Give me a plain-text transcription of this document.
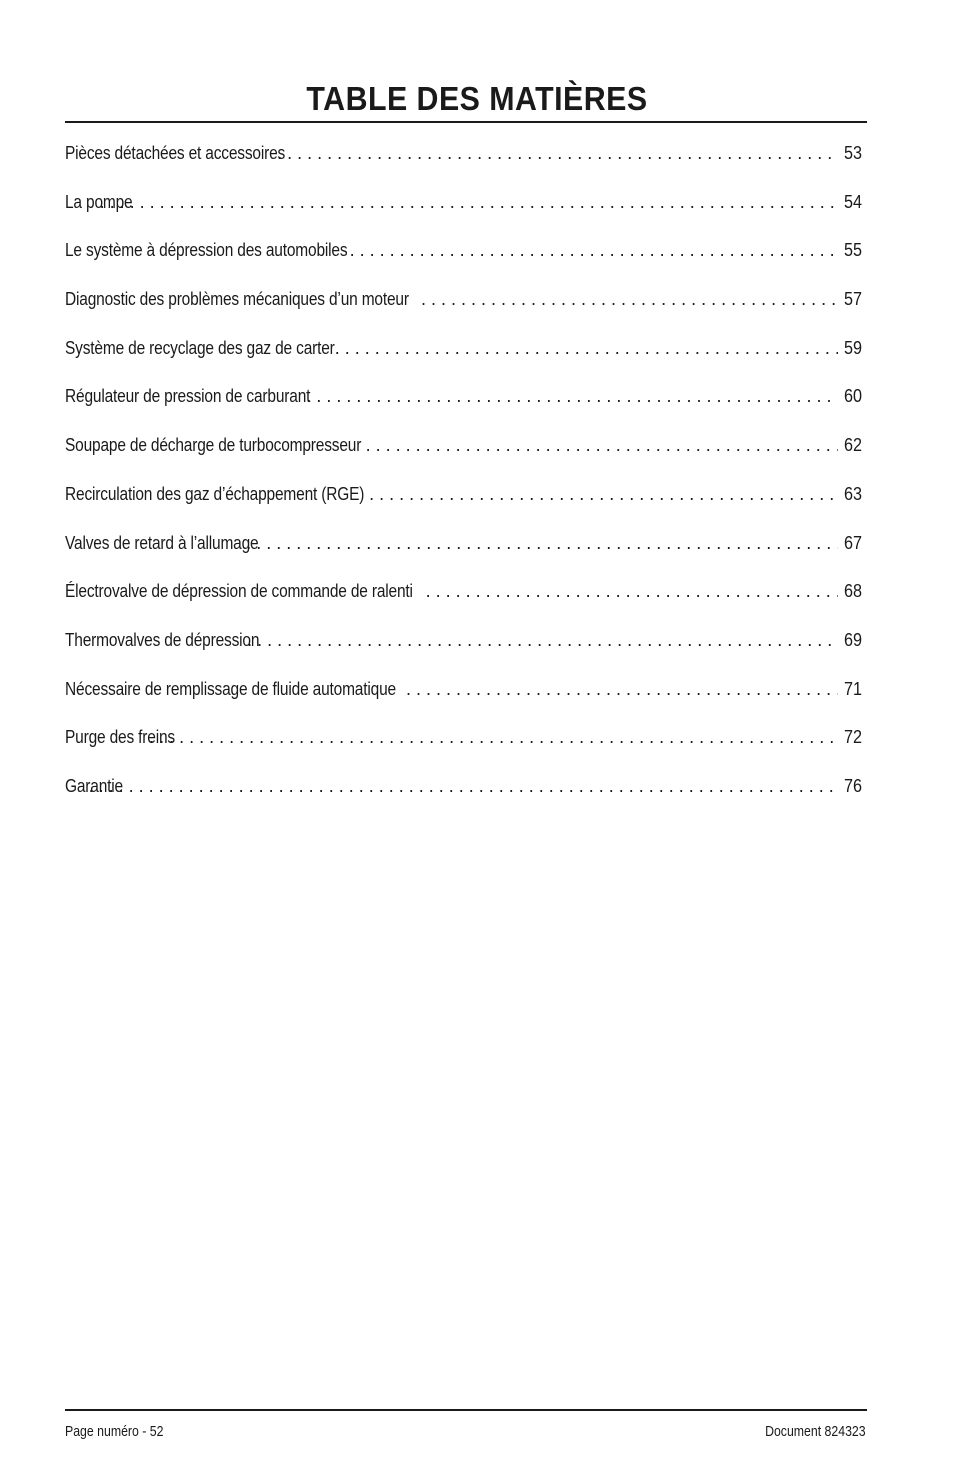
TABLE DES MATIÈRES
Pièces détachées et accessoires . . .	53
La pompe . . .	54
Le système à dépression des automobiles . . .	55
Diagnostic des problèmes mécaniques d’un moteur . . .	57
Système de recyclage des gaz de carter . . .	59
Régulateur de pression de carburant . . .	60
Soupape de décharge de turbocompresseur . . .	62
Recirculation des gaz d’échappement (RGE) . . .	63
Valves de retard à l’allumage . . .	67
Électrovalve de dépression de commande de ralenti . . .	68
Thermovalves de dépression . . .	69
Nécessaire de remplissage de fluide automatique . . .	71
Purge des freins . . .	72
Garantie . . .	76
Page numéro - 52	Document 824323
